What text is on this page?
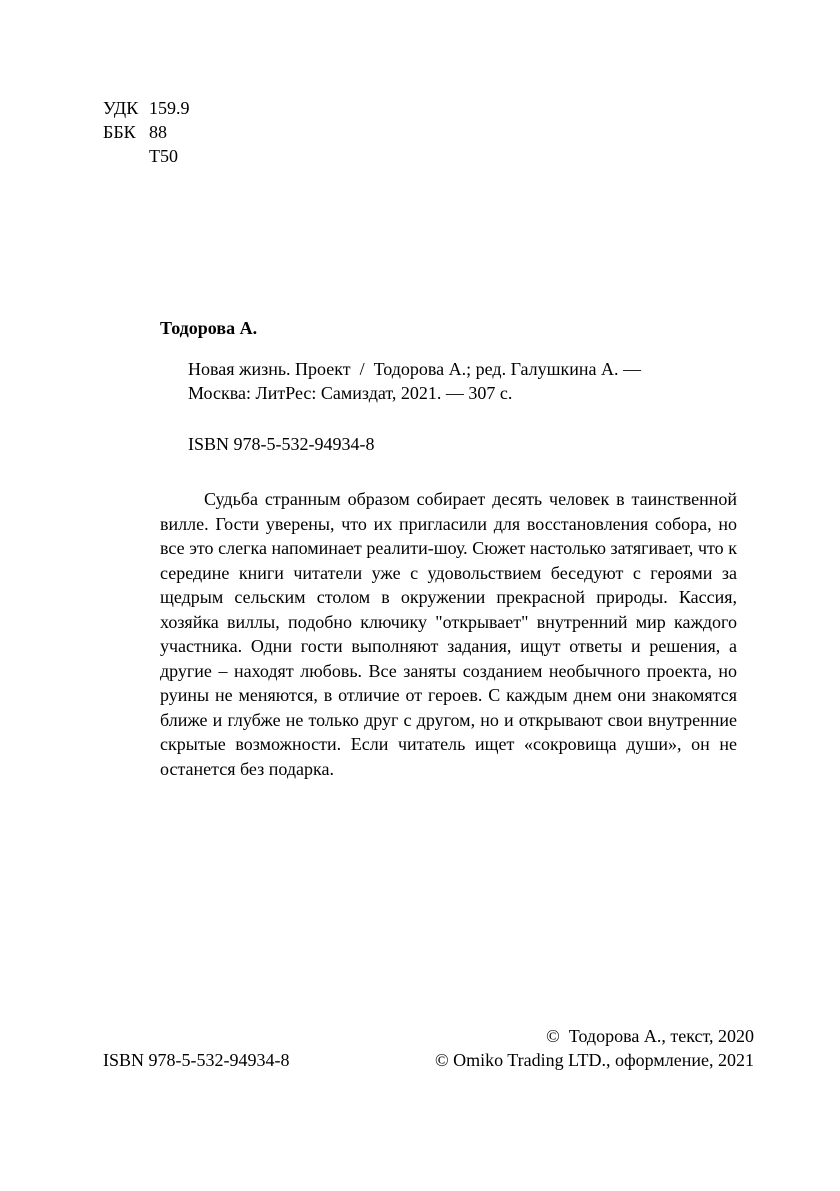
УДК 159.9
ББК 88
Т50
Тодорова А.
Новая жизнь. Проект  /  Тодорова А.; ред. Галушкина А. —
Москва: ЛитРес: Самиздат, 2021. — 307 с.
ISBN 978-5-532-94934-8

Судьба странным образом собирает десять человек в таинственной вилле. Гости уверены, что их пригласили для восстановления собора, но все это слегка напоминает реалити-шоу. Сюжет настолько затягивает, что к середине книги читатели уже с удовольствием беседуют с героями за щедрым сельским столом в окружении прекрасной природы. Кассия, хозяйка виллы, подобно ключику "открывает" внутренний мир каждого участника. Одни гости выполняют задания, ищут ответы и решения, а другие – находят любовь. Все заняты созданием необычного проекта, но руины не меняются, в отличие от героев. С каждым днем они знакомятся ближе и глубже не только друг с другом, но и открывают свои внутренние скрытые возможности. Если читатель ищет «сокровища души», он не останется без подарка.

ISBN 978-5-532-94934-8
©  Тодорова А., текст, 2020
© Omiko Trading LTD., оформление, 2021
